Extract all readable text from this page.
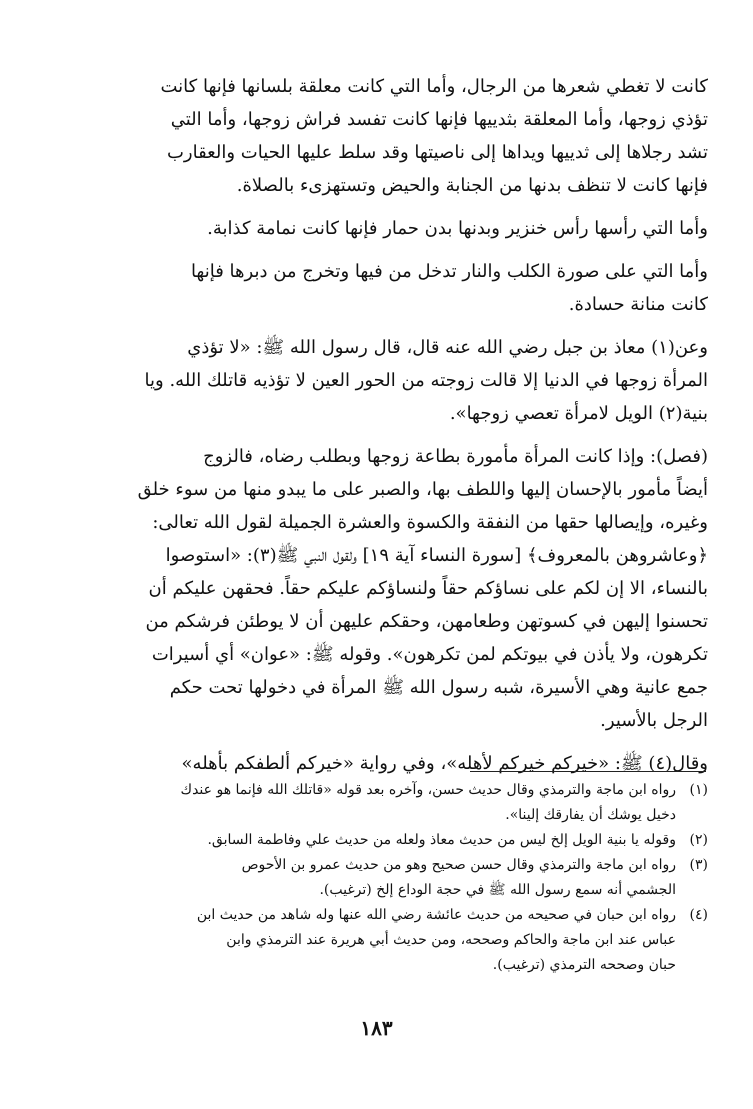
كانت لا تغطي شعرها من الرجال، وأما التي كانت معلقة بلسانها فإنها كانت
تؤذي زوجها، وأما المعلقة بثدييها فإنها كانت تفسد فراش زوجها، وأما التي
تشد رجلاها إلى ثدييها ويداها إلى ناصيتها وقد سلط عليها الحيات والعقارب
فإنها كانت لا تنظف بدنها من الجنابة والحيض وتستهزىء بالصلاة.
وأما التي رأسها رأس خنزير وبدنها بدن حمار فإنها كانت نمامة كذابة.
وأما التي على صورة الكلب والنار تدخل من فيها وتخرج من دبرها فإنها
كانت منانة حسادة.
وعن(١) معاذ بن جبل رضي الله عنه قال، قال رسول الله ﷺ: «لا تؤذي
المرأة زوجها في الدنيا إلا قالت زوجته من الحور العين لا تؤذيه قاتلك الله. ويا
بنية(٢) الويل لامرأة تعصي زوجها».
(فصل): وإذا كانت المرأة مأمورة بطاعة زوجها وبطلب رضاه، فالزوج
أيضاً مأمور بالإحسان إليها واللطف بها، والصبر على ما يبدو منها من سوء خلق
وغيره، وإيصالها حقها من النفقة والكسوة والعشرة الجميلة لقول الله تعالى:
﴿وعاشروهن بالمعروف﴾ [سورة النساء آية ١٩] ولقول النبي ﷺ(٣): «استوصوا
بالنساء، الا إن لكم على نساؤكم حقاً ولنساؤكم عليكم حقاً. فحقهن عليكم أن
تحسنوا إليهن في كسوتهن وطعامهن، وحقكم عليهن أن لا يوطئن فرشكم من
تكرهون، ولا يأذن في بيوتكم لمن تكرهون». وقوله ﷺ: «عوان» أي أسيرات
جمع عانية وهي الأسيرة، شبه رسول الله ﷺ المرأة في دخولها تحت حكم
الرجل بالأسير.
وقال(٤) ﷺ: «خيركم خيركم لأهله»، وفي رواية «خيركم ألطفكم بأهله»
(١)
رواه ابن ماجة والترمذي وقال حديث حسن، وآخره بعد قوله «قاتلك الله فإنما هو عندك
دخيل يوشك أن يفارقك إلينا».
(٢)
وقوله يا بنية الويل إلخ ليس من حديث معاذ ولعله من حديث علي وفاطمة السابق.
(٣)
رواه ابن ماجة والترمذي وقال حسن صحيح وهو من حديث عمرو بن الأحوص
الجشمي أنه سمع رسول الله ﷺ في حجة الوداع إلخ (ترغيب).
(٤)
رواه ابن حبان في صحيحه من حديث عائشة رضي الله عنها وله شاهد من حديث ابن
عباس عند ابن ماجة والحاكم وصححه، ومن حديث أبي هريرة عند الترمذي وابن
حبان وصححه الترمذي (ترغيب).
١٨٣
